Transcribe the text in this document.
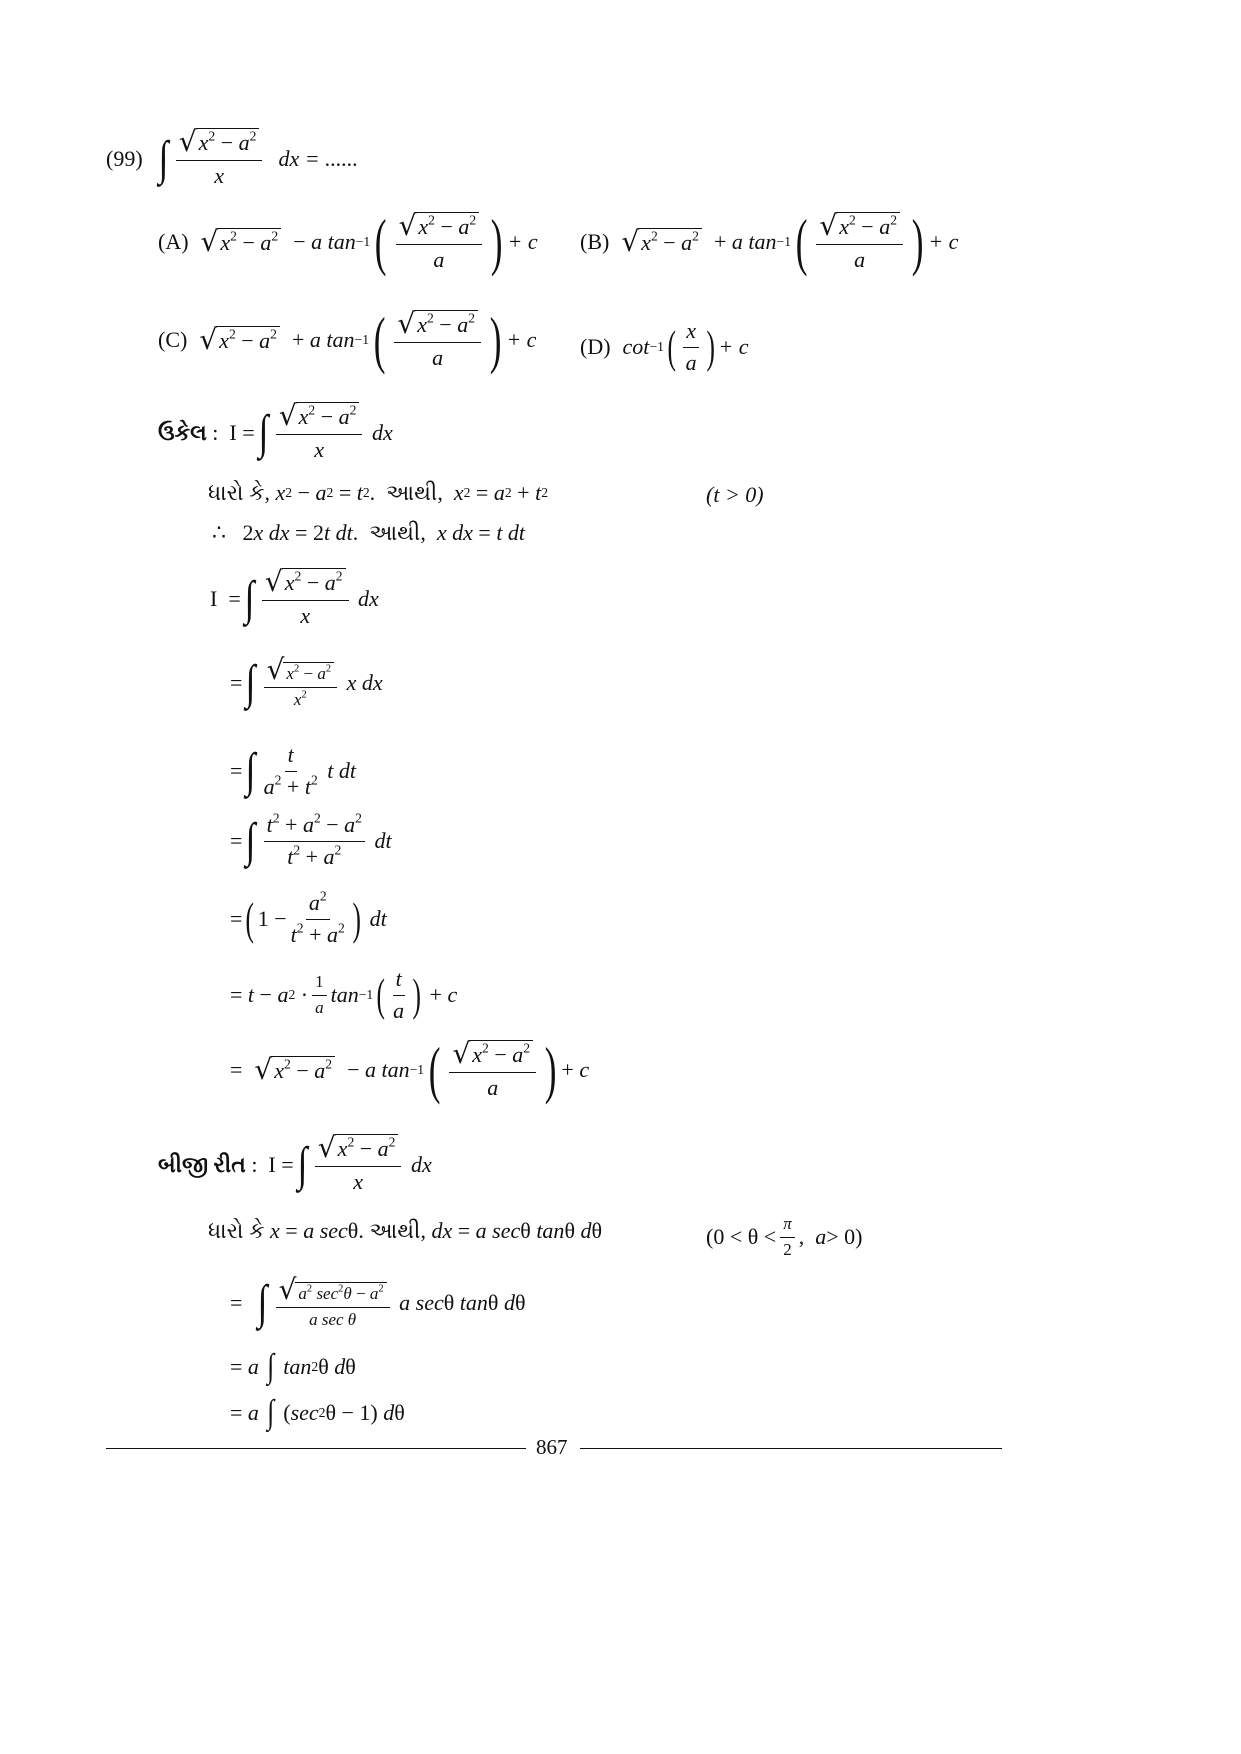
(99) ∫ $\frac{√ x^2 - a^2}{x}$ dx = ......
(A) √ $x^2 - a^2$ −
a tan −1 ( $\frac{√ x^2 - a^2}{a}$ ) + c (B) √ $x^2 - a^2$ +
a tan −1 ( $\frac{√ x^2 - a^2}{a}$ ) + c
(C) √ $x^2 - a^2$ +
a tan −1 ( $\frac{√ x^2 - a^2}{a}$ ) + c (D) cot −1 ( $\frac{x}{a}$ ) + c
ઉકેલ :  I = ∫ $\frac{√ x^2 - a^2}{x}$
dx
ધારો કે,
x 2 − a 2 = t 2 . આથી,
x 2 = a 2 + t 2	(t > 0)
∴   2 x
dx = 2 t
dt . આથી,
x dx = t dt
I  = ∫ $\frac{√ x^2 - a^2}{x}$
dx
= ∫ $\frac{√ x^2 - a^2}{x^2}$
x dx
= ∫ $\frac{t}{a^2 + t^2}$
t dt
= ∫ $\frac{t^2 + a^2 - a^2}{t^2 + a^2}$
dt
= ( $1 - \frac{a^2}{t^2 + a^2}$ )
dt
= t − a $2 \cdot \frac{1}{a}$ tan −1 ( $\frac{t}{a}$ ) + c
= √ $x^2 - a^2 - a$ tan −1 ( $\frac{√ x^2 - a^2}{a}$ ) + c
બીજી રીત :  I = ∫ $\frac{√ x^2 - a^2}{x}$
dx
ધારો કે
x = a sec θ. આથી,
dx = a sec θ tan θ d θ	($0 < \theta < \frac{\pi}{2}$ , a > 0)
= ∫ $\frac{√ a^2 \sec^2\theta - a^2}{\text{a sec θ}}$
a sec θ tan θ d θ
= a
∫
tan 2 θ d θ
= a
∫ ( sec 2 θ − 1) d θ
867
